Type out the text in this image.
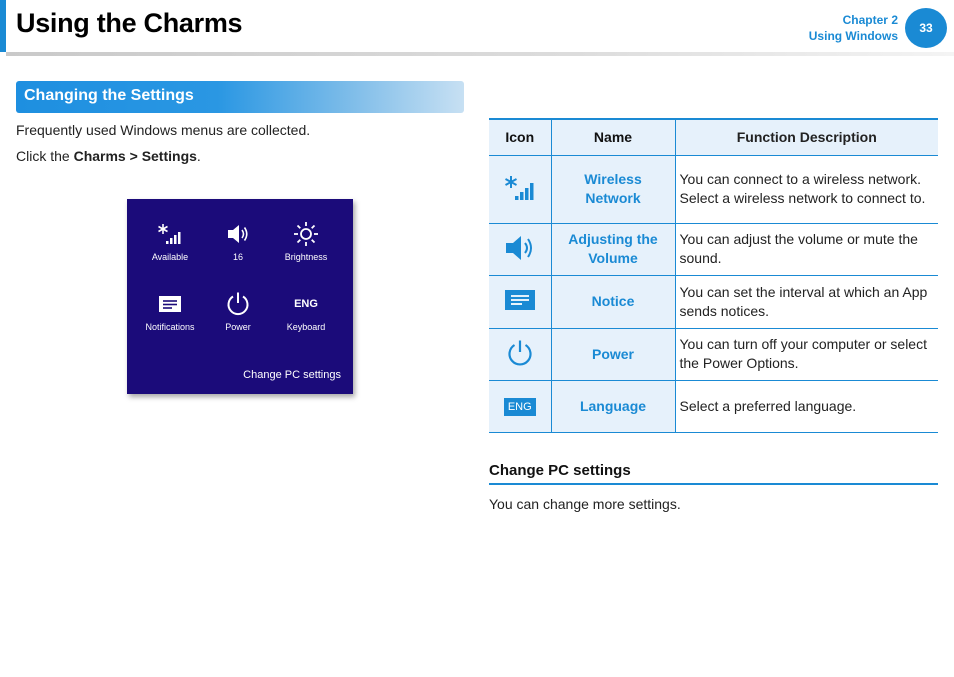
Using the Charms	Chapter 2
Using Windows
33
Changing the Settings
Frequently used Windows menus are collected.
Click the Charms > Settings.
Available	16	Brightness
Notifications	Power
ENG
Keyboard
Change PC settings
Icon	Name	Function Description

Wireless
Network	You can connect to a wireless network. Select a wireless network to connect to.

Adjusting the
Volume	You can adjust the volume or mute the sound.

Notice	You can set the interval at which an App sends notices.

Power	You can turn off your computer or select the Power Options.
ENG	Language	Select a preferred language.
Change PC settings
You can change more settings.
